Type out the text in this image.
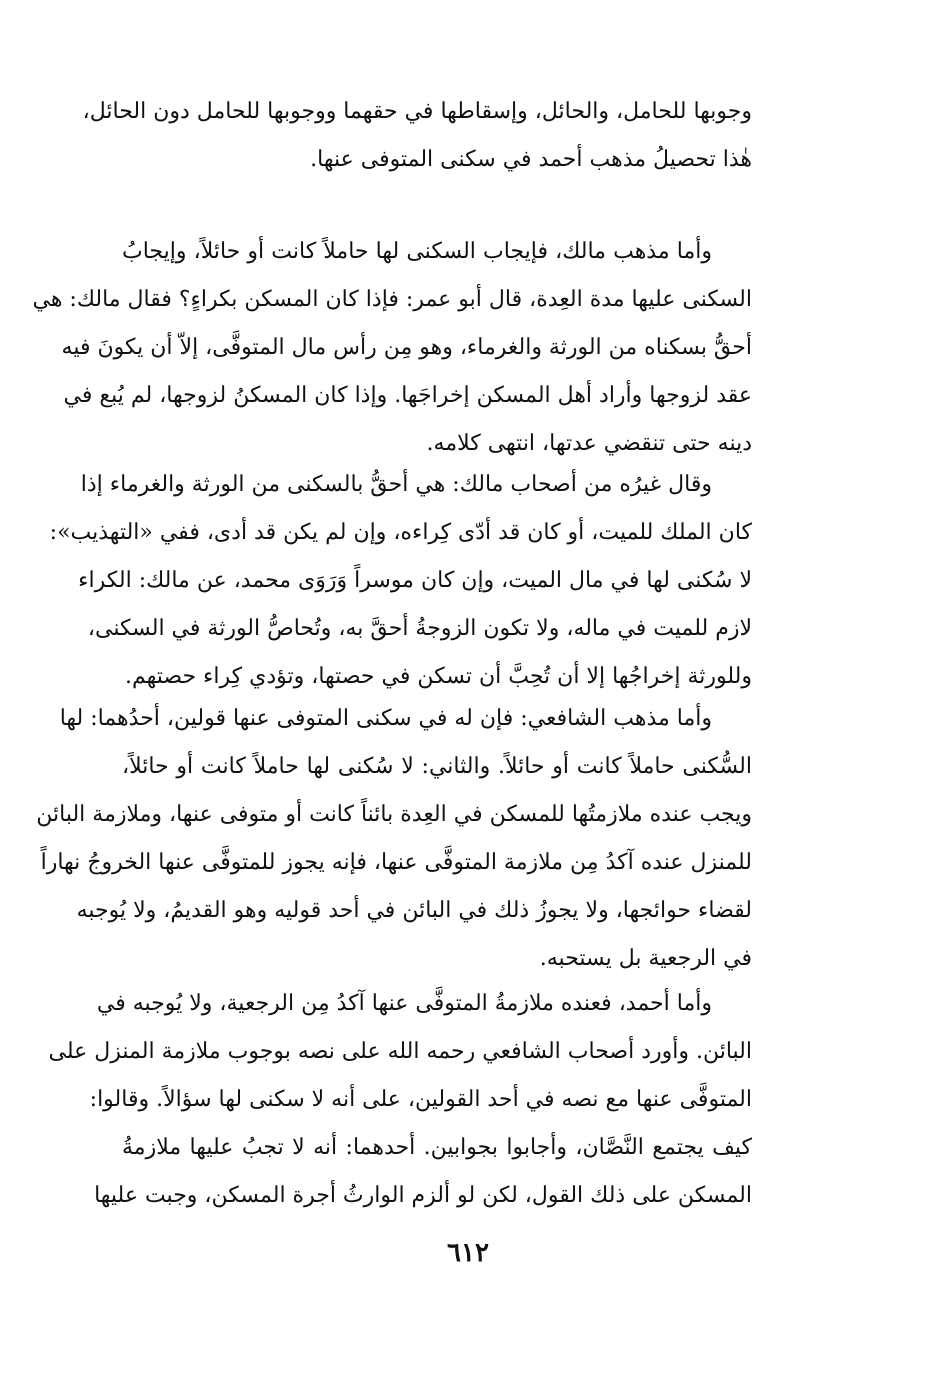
وجوبها للحامل، والحائل، وإسقاطها في حقهما ووجوبها للحامل دون الحائل،
هٰذا تحصيلُ مذهب أحمد في سكنى المتوفى عنها.
وأما مذهب مالك، فإيجاب السكنى لها حاملاً كانت أو حائلاً، وإيجابُ
السكنى عليها مدة العِدة، قال أبو عمر: فإذا كان المسكن بكراءٍ؟ فقال مالك: هي
أحقُّ بسكناه من الورثة والغرماء، وهو مِن رأس مال المتوفَّى، إلاّ أن يكونَ فيه
عقد لزوجها وأراد أهل المسكن إخراجَها. وإذا كان المسكنُ لزوجها، لم يُبع في
دينه حتى تنقضي عدتها، انتهى كلامه.
وقال غيرُه من أصحاب مالك: هي أحقُّ بالسكنى من الورثة والغرماء إذا
كان الملك للميت، أو كان قد أدّى كِراءه، وإن لم يكن قد أدى، ففي «التهذيب»:
لا سُكنى لها في مال الميت، وإن كان موسراً وَرَوَى محمد، عن مالك: الكراء
لازم للميت في ماله، ولا تكون الزوجةُ أحقَّ به، وتُحاصُّ الورثة في السكنى،
وللورثة إخراجُها إلا أن تُحِبَّ أن تسكن في حصتها، وتؤدي كِراء حصتهم.
وأما مذهب الشافعي: فإن له في سكنى المتوفى عنها قولين، أحدُهما: لها
السُّكنى حاملاً كانت أو حائلاً. والثاني: لا سُكنى لها حاملاً كانت أو حائلاً،
ويجب عنده ملازمتُها للمسكن في العِدة بائناً كانت أو متوفى عنها، وملازمة البائن
للمنزل عنده آكدُ مِن ملازمة المتوفَّى عنها، فإنه يجوز للمتوفَّى عنها الخروجُ نهاراً
لقضاء حوائجها، ولا يجوزُ ذلك في البائن في أحد قوليه وهو القديمُ، ولا يُوجبه
في الرجعية بل يستحبه.
وأما أحمد، فعنده ملازمةُ المتوفَّى عنها آكدُ مِن الرجعية، ولا يُوجبه في
البائن. وأورد أصحاب الشافعي رحمه الله على نصه بوجوب ملازمة المنزل على
المتوفَّى عنها مع نصه في أحد القولين، على أنه لا سكنى لها سؤالاً. وقالوا:
كيف يجتمع النَّصَّان، وأجابوا بجوابين. أحدهما: أنه لا تجبُ عليها ملازمةُ
المسكن على ذلك القول، لكن لو ألزم الوارثُ أجرة المسكن، وجبت عليها
٦١٢
